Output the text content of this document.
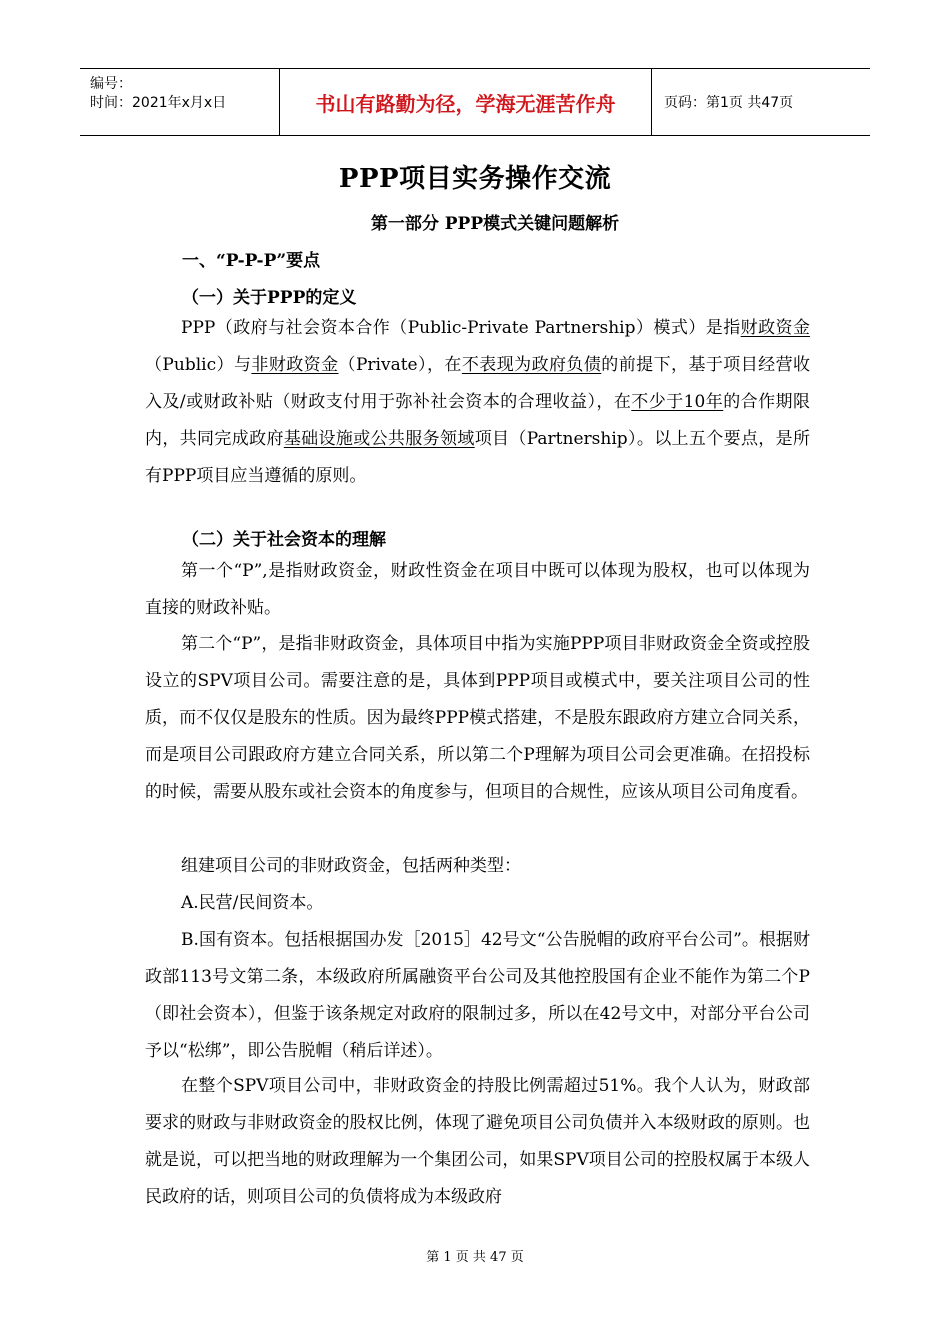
编号：
时间：2021年x月x日	书山有路勤为径，学海无涯苦作舟	页码：第1页 共47页
PPP项目实务操作交流
第一部分 PPP模式关键问题解析
一、“P-P-P”要点
（一）关于PPP的定义
PPP（政府与社会资本合作（Public-Private Partnership）模式）是指财政资金（Public）与非财政资金（Private），在不表现为政府负债的前提下，基于项目经营收入及/或财政补贴（财政支付用于弥补社会资本的合理收益），在不少于10年的合作期限内，共同完成政府基础设施或公共服务领域项目（Partnership）。以上五个要点，是所有PPP项目应当遵循的原则。
（二）关于社会资本的理解
第一个“P”,是指财政资金，财政性资金在项目中既可以体现为股权，也可以体现为直接的财政补贴。
第二个“P”，是指非财政资金，具体项目中指为实施PPP项目非财政资金全资或控股设立的SPV项目公司。需要注意的是，具体到PPP项目或模式中，要关注项目公司的性质，而不仅仅是股东的性质。因为最终PPP模式搭建，不是股东跟政府方建立合同关系，而是项目公司跟政府方建立合同关系，所以第二个P理解为项目公司会更准确。在招投标的时候，需要从股东或社会资本的角度参与，但项目的合规性，应该从项目公司角度看。
组建项目公司的非财政资金，包括两种类型：
A.民营/民间资本。
B.国有资本。包括根据国办发［2015］42号文“公告脱帽的政府平台公司”。根据财政部113号文第二条，本级政府所属融资平台公司及其他控股国有企业不能作为第二个P（即社会资本），但鉴于该条规定对政府的限制过多，所以在42号文中，对部分平台公司予以“松绑”，即公告脱帽（稍后详述）。
在整个SPV项目公司中，非财政资金的持股比例需超过51%。我个人认为，财政部要求的财政与非财政资金的股权比例，体现了避免项目公司负债并入本级财政的原则。也就是说，可以把当地的财政理解为一个集团公司，如果SPV项目公司的控股权属于本级人民政府的话，则项目公司的负债将成为本级政府
第 1 页 共 47 页
